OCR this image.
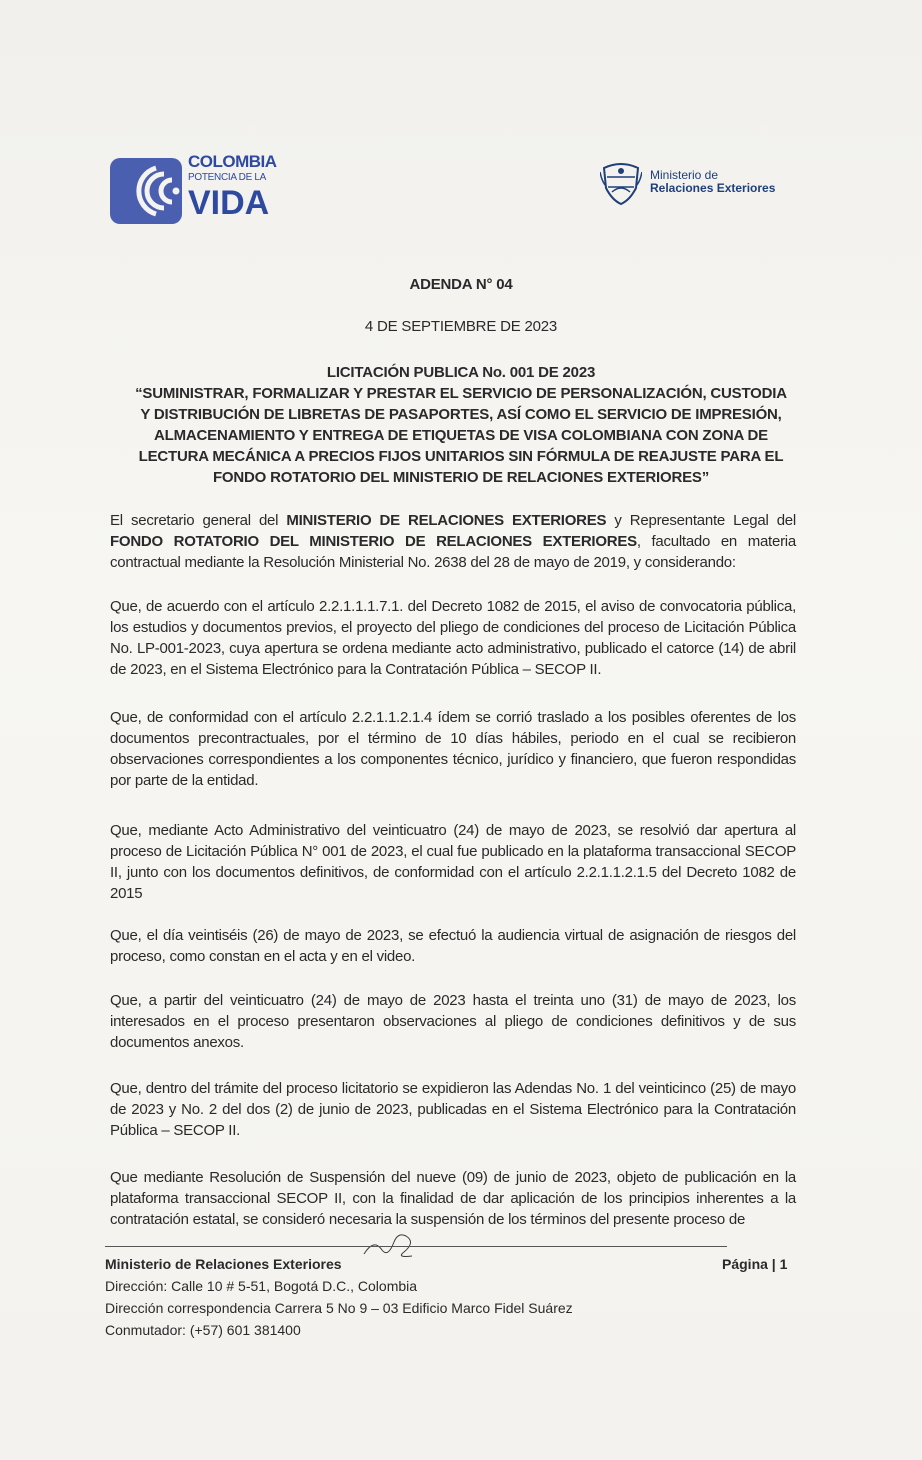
COLOMBIA
POTENCIA DE LA
VIDA
Ministerio de
Relaciones Exteriores
ADENDA N° 04
4 DE SEPTIEMBRE DE 2023
LICITACIÓN PUBLICA No. 001 DE 2023
“SUMINISTRAR, FORMALIZAR Y PRESTAR EL SERVICIO DE PERSONALIZACIÓN, CUSTODIA
Y DISTRIBUCIÓN DE LIBRETAS DE PASAPORTES, ASÍ COMO EL SERVICIO DE IMPRESIÓN,
ALMACENAMIENTO Y ENTREGA DE ETIQUETAS DE VISA COLOMBIANA CON ZONA DE
LECTURA MECÁNICA A PRECIOS FIJOS UNITARIOS SIN FÓRMULA DE REAJUSTE PARA EL
FONDO ROTATORIO DEL MINISTERIO DE RELACIONES EXTERIORES”
El secretario general del MINISTERIO DE RELACIONES EXTERIORES y Representante Legal del FONDO ROTATORIO DEL MINISTERIO DE RELACIONES EXTERIORES, facultado en materia contractual mediante la Resolución Ministerial No. 2638 del 28 de mayo de 2019, y considerando:
Que, de acuerdo con el artículo 2.2.1.1.1.7.1. del Decreto 1082 de 2015, el aviso de convocatoria pública, los estudios y documentos previos, el proyecto del pliego de condiciones del proceso de Licitación Pública No. LP-001-2023, cuya apertura se ordena mediante acto administrativo, publicado el catorce (14) de abril de 2023, en el Sistema Electrónico para la Contratación Pública – SECOP II.
Que, de conformidad con el artículo 2.2.1.1.2.1.4 ídem se corrió traslado a los posibles oferentes de los documentos precontractuales, por el término de 10 días hábiles, periodo en el cual se recibieron observaciones correspondientes a los componentes técnico, jurídico y financiero, que fueron respondidas por parte de la entidad.
Que, mediante Acto Administrativo del veinticuatro (24) de mayo de 2023, se resolvió dar apertura al proceso de Licitación Pública N° 001 de 2023, el cual fue publicado en la plataforma transaccional SECOP II, junto con los documentos definitivos, de conformidad con el artículo 2.2.1.1.2.1.5 del Decreto 1082 de 2015
Que, el día veintiséis (26) de mayo de 2023, se efectuó la audiencia virtual de asignación de riesgos del proceso, como constan en el acta y en el video.
Que, a partir del veinticuatro (24) de mayo de 2023 hasta el treinta uno (31) de mayo de 2023, los interesados en el proceso presentaron observaciones al pliego de condiciones definitivos y de sus documentos anexos.
Que, dentro del trámite del proceso licitatorio se expidieron las Adendas No. 1 del veinticinco (25) de mayo de 2023 y No. 2 del dos (2) de junio de 2023, publicadas en el Sistema Electrónico para la Contratación Pública – SECOP II.
Que mediante Resolución de Suspensión del nueve (09) de junio de 2023, objeto de publicación en la plataforma transaccional SECOP II, con la finalidad de dar aplicación de los principios inherentes a la contratación estatal, se consideró necesaria la suspensión de los términos del presente proceso de
Ministerio de Relaciones Exteriores
Dirección: Calle 10 # 5-51, Bogotá D.C., Colombia
Dirección correspondencia Carrera 5 No 9 – 03 Edificio Marco Fidel Suárez
Conmutador: (+57) 601 381400
Página | 1
